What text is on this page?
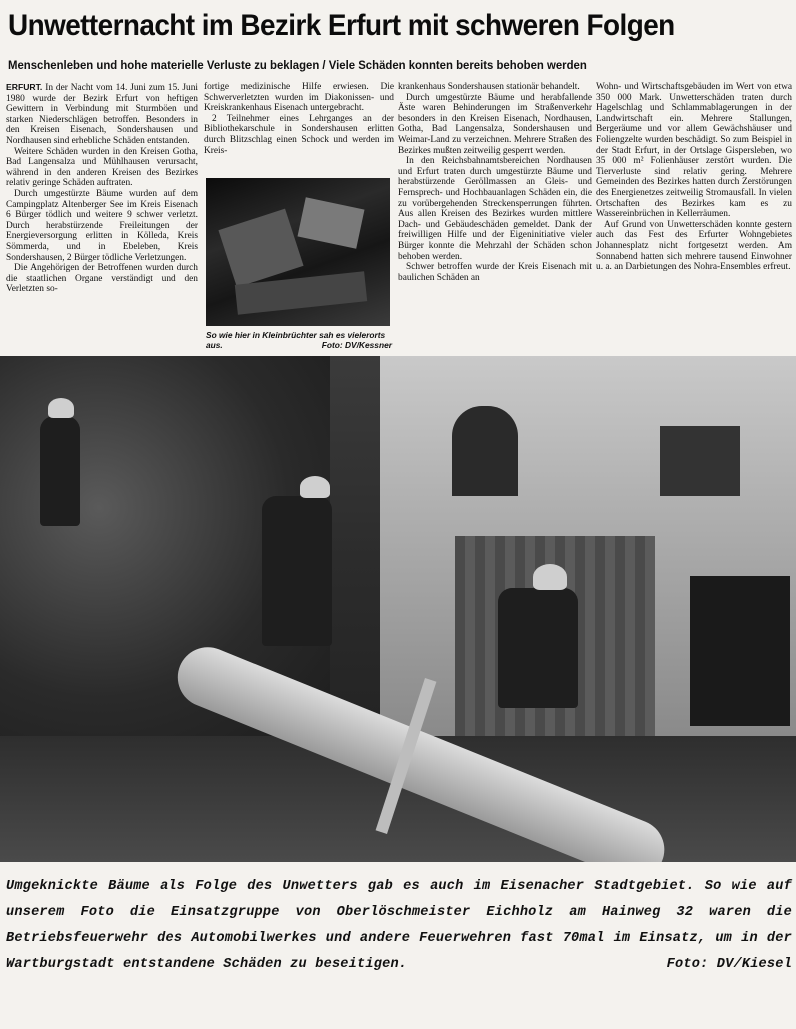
Unwetternacht im Bezirk Erfurt mit schweren Folgen
Menschenleben und hohe materielle Verluste zu beklagen / Viele Schäden konnten bereits behoben werden

ERFURT. In der Nacht vom 14. Juni zum 15. Juni 1980 wurde der Bezirk Erfurt von heftigen Gewittern in Verbindung mit Sturmböen und starken Niederschlägen betroffen. Besonders in den Kreisen Eisenach, Sondershausen und Nordhausen sind erhebliche Schäden entstanden.

Weitere Schäden wurden in den Kreisen Gotha, Bad Langensalza und Mühlhausen verursacht, während in den anderen Kreisen des Bezirkes relativ geringe Schäden auftraten.

Durch umgestürzte Bäume wurden auf dem Campingplatz Altenberger See im Kreis Eisenach 6 Bürger tödlich und weitere 9 schwer verletzt. Durch herabstürzende Freileitungen der Energieversorgung erlitten in Kölleda, Kreis Sömmerda, und in Ebeleben, Kreis Sondershausen, 2 Bürger tödliche Verletzungen.

Die Angehörigen der Betroffenen wurden durch die staatlichen Organe verständigt und den Verletzten so-

fortige medizinische Hilfe erwiesen. Die Schwerverletzten wurden im Diakonissen- und Kreiskrankenhaus Eisenach untergebracht.

2 Teilnehmer eines Lehrganges an der Bibliothekarschule in Sondershausen erlitten durch Blitzschlag einen Schock und werden im Kreis-

So wie hier in Kleinbrüchter sah es vielerorts aus.	Foto: DV/Kessner

krankenhaus Sondershausen stationär behandelt.

Durch umgestürzte Bäume und herabfallende Äste waren Behinderungen im Straßenverkehr besonders in den Kreisen Eisenach, Nordhausen, Gotha, Bad Langensalza, Sondershausen und Weimar-Land zu verzeichnen. Mehrere Straßen des Bezirkes mußten zeitweilig gesperrt werden.

In den Reichsbahnamtsbereichen Nordhausen und Erfurt traten durch umgestürzte Bäume und herabstürzende Geröllmassen an Gleis- und Fernsprech- und Hochbauanlagen Schäden ein, die zu vorübergehenden Streckensperrungen führten. Aus allen Kreisen des Bezirkes wurden mittlere Dach- und Gebäudeschäden gemeldet. Dank der freiwilligen Hilfe und der Eigeninitiative vieler Bürger konnte die Mehrzahl der Schäden schon behoben werden.

Schwer betroffen wurde der Kreis Eisenach mit baulichen Schäden an

Wohn- und Wirtschaftsgebäuden im Wert von etwa 350 000 Mark. Unwetterschäden traten durch Hagelschlag und Schlammablagerungen in der Landwirtschaft ein. Mehrere Stallungen, Bergeräume und vor allem Gewächshäuser und Foliengzelte wurden beschädigt. So zum Beispiel in der Stadt Erfurt, in der Ortslage Gispersleben, wo 35 000 m² Folienhäuser zerstört wurden. Die Tierverluste sind relativ gering. Mehrere Gemeinden des Bezirkes hatten durch Zerstörungen des Energienetzes zeitweilig Stromausfall. In vielen Ortschaften des Bezirkes kam es zu Wassereinbrüchen in Kellerräumen.

Auf Grund von Unwetterschäden konnte gestern auch das Fest des Erfurter Wohngebietes Johannesplatz nicht fortgesetzt werden. Am Sonnabend hatten sich mehrere tausend Einwohner u. a. an Darbietungen des Nohra-Ensembles erfreut.

Umgeknickte Bäume als Folge des Unwetters gab es auch im Eisenacher Stadtgebiet. So wie auf unserem Foto die Einsatzgruppe von Oberlöschmeister Eichholz am Hainweg 32 waren die Betriebsfeuerwehr des Automobilwerkes und andere Feuerwehren fast 70mal im Einsatz, um in der Wartburgstadt entstandene Schäden zu beseitigen.	Foto: DV/Kiesel
